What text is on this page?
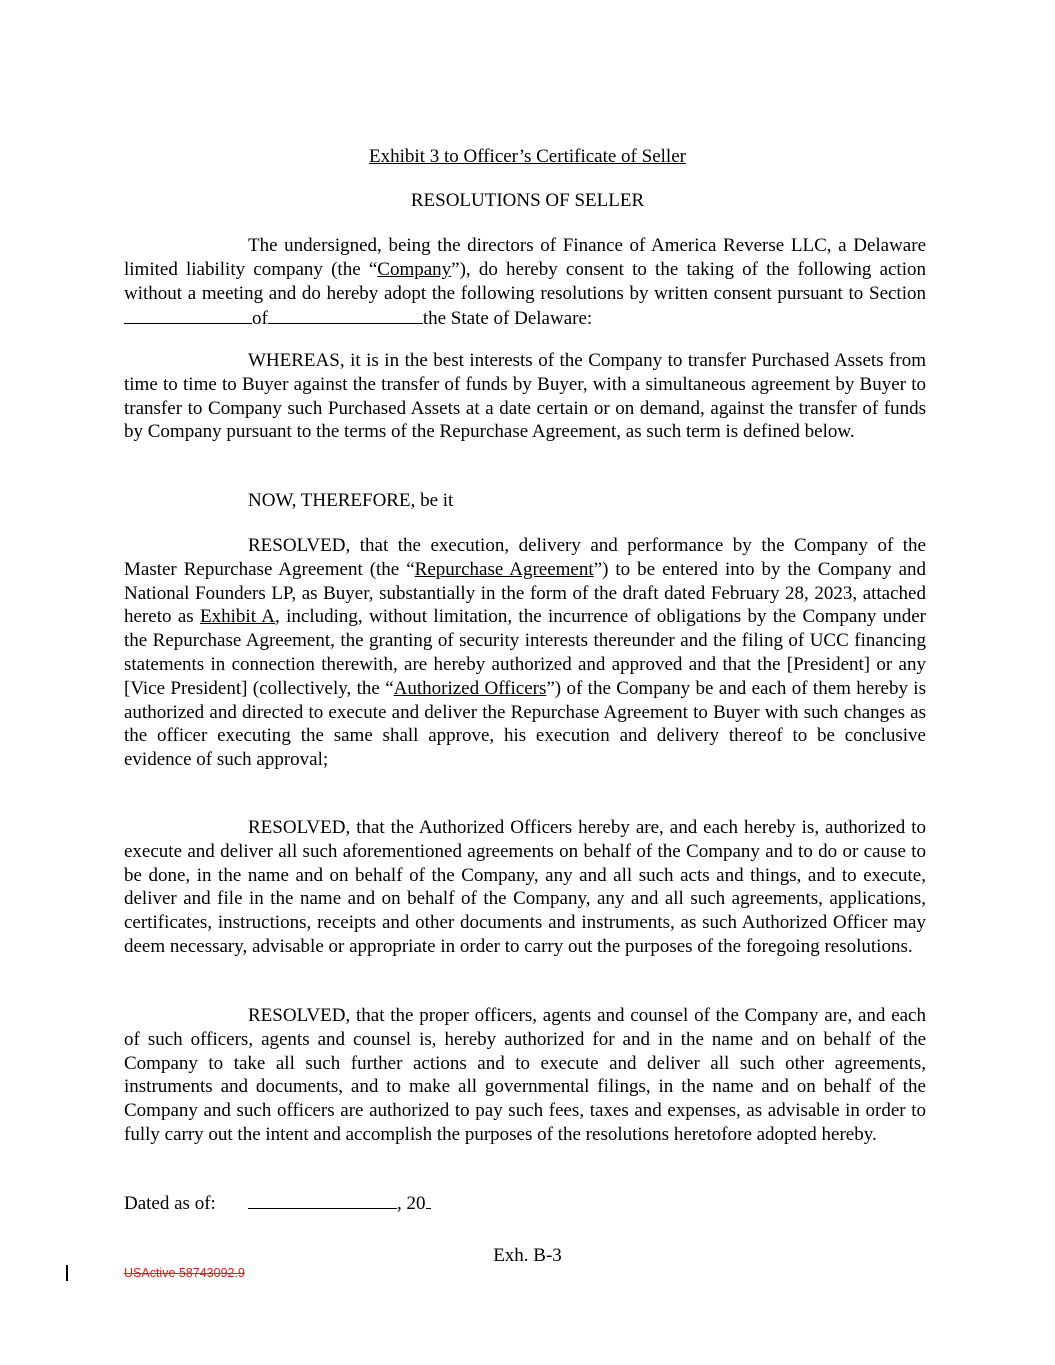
Exhibit 3 to Officer’s Certificate of Seller

RESOLUTIONS OF SELLER

The undersigned, being the directors of Finance of America Reverse LLC, a Delaware limited liability company (the “Company”), do hereby consent to the taking of the following action without a meeting and do hereby adopt the following resolutions by written consent pursuant to Sectionof	the State of Delaware:

WHEREAS, it is in the best interests of the Company to transfer Purchased Assets from time to time to Buyer against the transfer of funds by Buyer, with a simultaneous agreement by Buyer to transfer to Company such Purchased Assets at a date certain or on demand, against the transfer of funds by Company pursuant to the terms of the Repurchase Agreement, as such term is defined below.

NOW, THEREFORE, be it

RESOLVED, that the execution, delivery and performance by the Company of the Master Repurchase Agreement (the “Repurchase Agreement”) to be entered into by the Company and National Founders LP, as Buyer, substantially in the form of the draft dated February 28, 2023, attached hereto as Exhibit A, including, without limitation, the incurrence of obligations by the Company under the Repurchase Agreement, the granting of security interests thereunder and the filing of UCC financing statements in connection therewith, are hereby authorized and approved and that the [President] or any [Vice President] (collectively, the “Authorized Officers”) of the Company be and each of them hereby is authorized and directed to execute and deliver the Repurchase Agreement to Buyer with such changes as the officer executing the same shall approve, his execution and delivery thereof to be conclusive evidence of such approval;

RESOLVED, that the Authorized Officers hereby are, and each hereby is, authorized to execute and deliver all such aforementioned agreements on behalf of the Company and to do or cause to be done, in the name and on behalf of the Company, any and all such acts and things, and to execute, deliver and file in the name and on behalf of the Company, any and all such agreements, applications, certificates, instructions, receipts and other documents and instruments, as such Authorized Officer may deem necessary, advisable or appropriate in order to carry out the purposes of the foregoing resolutions.

RESOLVED, that the proper officers, agents and counsel of the Company are, and each of such officers, agents and counsel is, hereby authorized for and in the name and on behalf of the Company to take all such further actions and to execute and deliver all such other agreements, instruments and documents, and to make all governmental filings, in the name and on behalf of the Company and such officers are authorized to pay such fees, taxes and expenses, as advisable in order to fully carry out the intent and accomplish the purposes of the resolutions heretofore adopted hereby.

Dated as of:	, 20

Exh. B-3

USActive 58743092.9
